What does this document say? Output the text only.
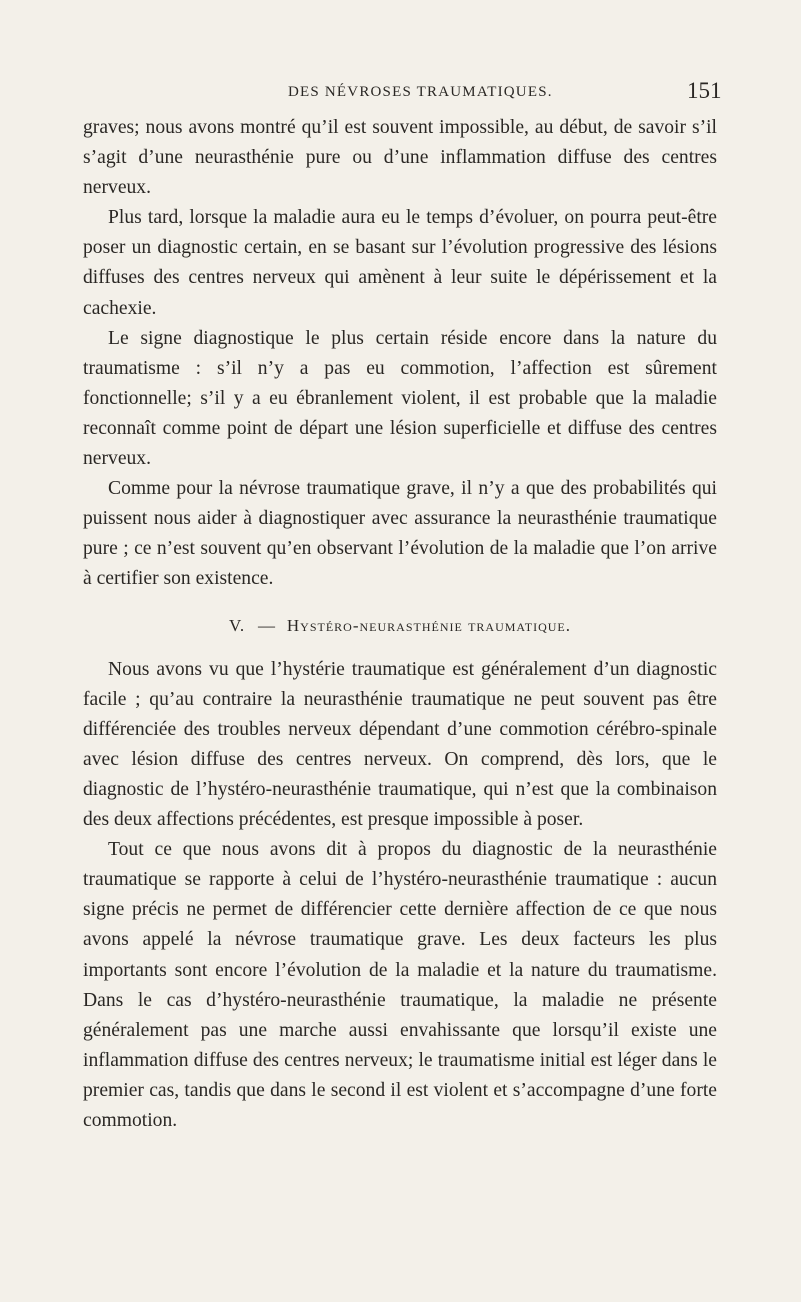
DES NÉVROSES TRAUMATIQUES.	151

graves; nous avons montré qu’il est souvent impossible, au début, de savoir s’il s’agit d’une neurasthénie pure ou d’une inflammation diffuse des centres nerveux.

Plus tard, lorsque la maladie aura eu le temps d’évoluer, on pourra peut-être poser un diagnostic certain, en se basant sur l’évolution progressive des lésions diffuses des centres nerveux qui amènent à leur suite le dépérissement et la cachexie.

Le signe diagnostique le plus certain réside encore dans la nature du traumatisme : s’il n’y a pas eu commotion, l’affection est sûrement fonctionnelle; s’il y a eu ébranlement violent, il est probable que la maladie reconnaît comme point de départ une lésion superficielle et diffuse des centres nerveux.

Comme pour la névrose traumatique grave, il n’y a que des probabilités qui puissent nous aider à diagnostiquer avec assurance la neurasthénie traumatique pure ; ce n’est souvent qu’en observant l’évolution de la maladie que l’on arrive à certifier son existence.

V. — Hystéro-neurasthénie traumatique.

Nous avons vu que l’hystérie traumatique est généralement d’un diagnostic facile ; qu’au contraire la neurasthénie traumatique ne peut souvent pas être différenciée des troubles nerveux dépendant d’une commotion cérébro-spinale avec lésion diffuse des centres nerveux. On comprend, dès lors, que le diagnostic de l’hystéro-neurasthénie traumatique, qui n’est que la combinaison des deux affections précédentes, est presque impossible à poser.

Tout ce que nous avons dit à propos du diagnostic de la neurasthénie traumatique se rapporte à celui de l’hystéro-neurasthénie traumatique : aucun signe précis ne permet de différencier cette dernière affection de ce que nous avons appelé la névrose traumatique grave. Les deux facteurs les plus importants sont encore l’évolution de la maladie et la nature du traumatisme. Dans le cas d’hystéro-neurasthénie traumatique, la maladie ne présente généralement pas une marche aussi envahissante que lorsqu’il existe une inflammation diffuse des centres nerveux; le traumatisme initial est léger dans le premier cas, tandis que dans le second il est violent et s’accompagne d’une forte commotion.
